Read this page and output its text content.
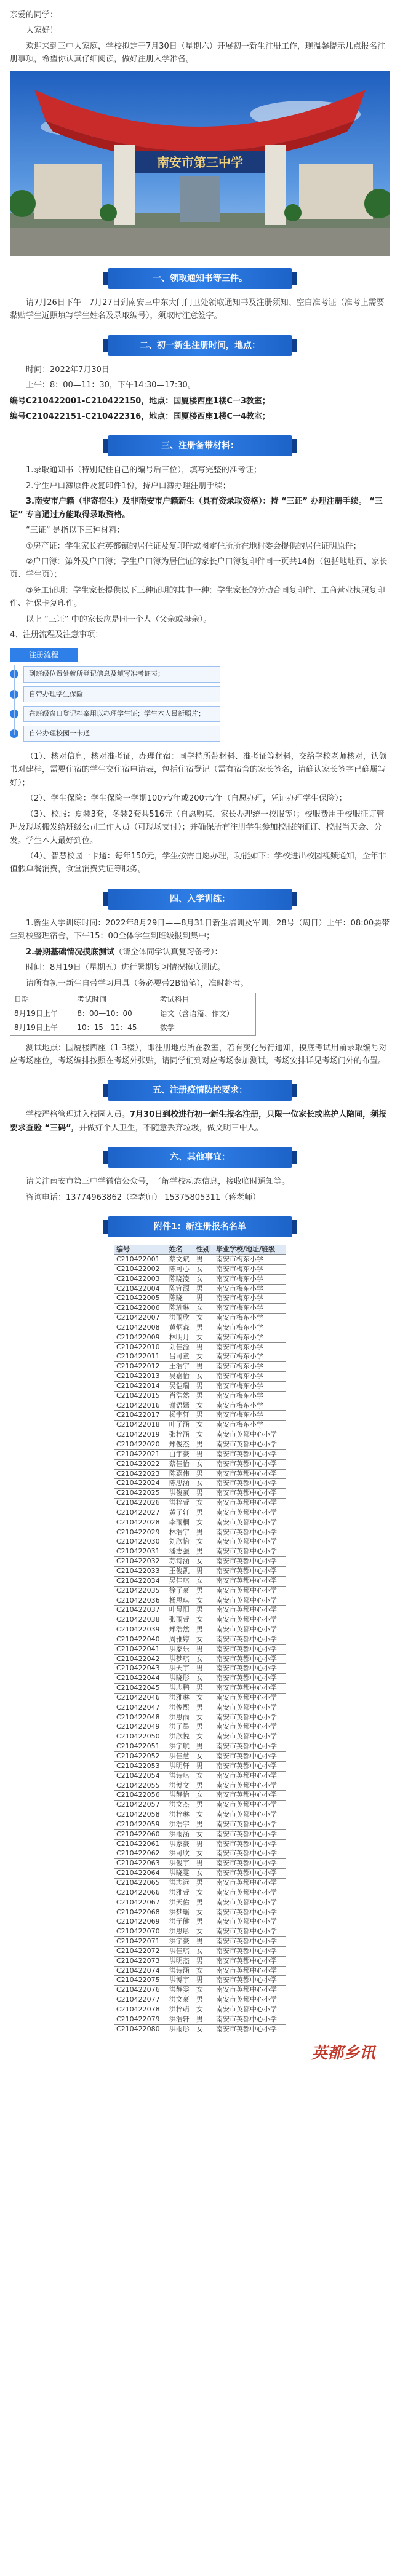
亲爱的同学：

大家好！

欢迎来到三中大家庭，学校拟定于7月30日（星期六）开展初一新生注册工作，现温馨提示几点报名注册事项，希望你认真仔细阅读，做好注册入学准备。

南安市第三中学
一、领取通知书等三件。

请7月26日下午—7月27日到南安三中东大门门卫处领取通知书及注册须知、空白准考证（准考上需要黏贴学生近照填写学生姓名及录取编号），须取时注意签字。

二、初一新生注册时间，地点：

时间：2022年7月30日

上午：8：00—11：30，下午14:30—17:30。

编号C210422001-C210422150，地点：国厦楼西座1楼C一3教室；

编号C210422151-C210422316，地点：国厦楼西座1楼C一4教室；

三、注册备带材料：

1.录取通知书（特别记住自己的编号后三位），填写完整的准考证；

2.学生户口簿原件及复印件1份，持户口簿办理注册手续；

3.南安市户籍（非寄宿生）及非南安市户籍新生（具有资录取资格）：持 “三证” 办理注册手续。 “三证” 专言通过方能取得录取资格。

“三证” 是指以下三种材料：

①房产证：学生家长在英都镇的居住证及复印件或图定住所所在地村委会提供的居住证明原件；

②户口簿：第外及户口簿；学生户口簿为居住证的家长户口簿复印件同一页共14份（包括地址页、家长页、学生页）；

③务工证明：学生家长提供以下三种证明的其中一种：学生家长的劳动合同复印件、工商营业执照复印件、社保卡复印件。

以上 “三证” 中的家长应是同一个人（父亲或母亲）。

4、注册流程及注意事项：

注册流程
到班级位置处就所登记信息及填写准考证表；
自带办理学生保险
在班级窗口登记档案用以办理学生证；学生本人最新照片；
自带办理校园一卡通

（1）、核对信息，核对准考证，办理住宿：同学持所带材料、准考证等材料，交给学校老师核对，认领书对建档，需要住宿的学生交住宿申请表，包括住宿登记（需有宿舍的家长签名，请确认家长签字已确属写好）；

（2）、学生保险：学生保险一学期100元/年或200元/年（自愿办理，凭证办理学生保险）；

（3）、校服：夏装3套，冬装2套共516元（自愿购买，家长办理统一校服等）；校服费用于校服征订管理及现场搬发给班级公司工作人员（可现场支付）；并确保所有注册学生参加校服的征订、校服当天会、分发。学生本人最好到位。

（4）、智慧校园一卡通：每年150元，学生按需自愿办理，功能如下：学校进出校园视频通知，全年非值假单餐消费，食堂消费凭证等服务。

四、入学训练：

1.新生入学训练时间：2022年8月29日——8月31日新生培训及军训，28号（周日）上午：08:00要带生到校整理宿舍，下午15：00全体学生到班级报到集中；

2.暑期基础情况摸底测试（请全体同学认真复习备考）：

时间：8月19日（星期五）进行暑期复习情况摸底测试。

请所有初一新生自带学习用具（务必要带2B铅笔），准时赴考。

日期	考试时间	考试科目
8月19日上午	8：00—10：00	语文（含语篇、作文）
8月19日上午	10：15—11：45	数学

测试地点：国厦楼西座（1-3楼），即注册地点所在教室，若有变化另行通知，摸底考试用前录取编号对应考场座位，考场编排按照在考场外张贴，请同学们到对应考场参加测试，考场安排详见考场门外的布置。

五、注册疫情防控要求：

学校严格管理进入校园人员。7月30日到校进行初一新生报名注册，只限一位家长或监护人陪同，须报要求查验 “三码”，并做好个人卫生，不随意丢弃垃圾，做文明三中人。

六、其他事宜：

请关注南安市第三中学微信公众号，了解学校动态信息，接收临时通知等。

咨询电话：13774963862（李老师） 15375805311（蒋老师）

附件1：新注册报名名单
编号	姓名	性别	毕业学校/地址/班级
C210422001	蔡文斌	男	南安市梅东小学
C210422002	陈可心	女	南安市梅东小学
C210422003	陈晓凌	女	南安市梅东小学
C210422004	陈宜源	男	南安市梅东小学
C210422005	陈晓	男	南安市梅东小学
C210422006	陈瑜琳	女	南安市梅东小学
C210422007	洪雨欣	女	南安市梅东小学
C210422008	黄炳森	男	南安市梅东小学
C210422009	林明月	女	南安市梅东小学
C210422010	刘佳源	男	南安市梅东小学
C210422011	吕可童	女	南安市梅东小学
C210422012	王浩宇	男	南安市梅东小学
C210422013	吴嘉怡	女	南安市梅东小学
C210422014	吴恺瑞	男	南安市梅东小学
C210422015	肖浩然	男	南安市梅东小学
C210422016	谢语嫣	女	南安市梅东小学
C210422017	杨宇轩	男	南安市梅东小学
C210422018	叶子涵	女	南安市梅东小学
C210422019	张梓涵	女	南安市英都中心小学
C210422020	郑俊杰	男	南安市英都中心小学
C210422021	白宇豪	男	南安市英都中心小学
C210422022	蔡佳怡	女	南安市英都中心小学
C210422023	陈嘉伟	男	南安市英都中心小学
C210422024	陈思涵	女	南安市英都中心小学
C210422025	洪俊豪	男	南安市英都中心小学
C210422026	洪梓萱	女	南安市英都中心小学
C210422027	黄子轩	男	南安市英都中心小学
C210422028	李雨桐	女	南安市英都中心小学
C210422029	林浩宇	男	南安市英都中心小学
C210422030	刘欣怡	女	南安市英都中心小学
C210422031	潘志强	男	南安市英都中心小学
C210422032	苏诗涵	女	南安市英都中心小学
C210422033	王俊凯	男	南安市英都中心小学
C210422034	吴佳琪	女	南安市英都中心小学
C210422035	徐子豪	男	南安市英都中心小学
C210422036	杨思琪	女	南安市英都中心小学
C210422037	叶晨阳	男	南安市英都中心小学
C210422038	张雨萱	女	南安市英都中心小学
C210422039	郑浩然	男	南安市英都中心小学
C210422040	周雅婷	女	南安市英都中心小学
C210422041	洪家乐	男	南安市英都中心小学
C210422042	洪梦琪	女	南安市英都中心小学
C210422043	洪天宇	男	南安市英都中心小学
C210422044	洪晓彤	女	南安市英都中心小学
C210422045	洪志鹏	男	南安市英都中心小学
C210422046	洪雅琳	女	南安市英都中心小学
C210422047	洪俊熙	男	南安市英都中心小学
C210422048	洪思雨	女	南安市英都中心小学
C210422049	洪子墨	男	南安市英都中心小学
C210422050	洪欣悦	女	南安市英都中心小学
C210422051	洪宇航	男	南安市英都中心小学
C210422052	洪佳慧	女	南安市英都中心小学
C210422053	洪明轩	男	南安市英都中心小学
C210422054	洪诗琪	女	南安市英都中心小学
C210422055	洪博文	男	南安市英都中心小学
C210422056	洪静怡	女	南安市英都中心小学
C210422057	洪文杰	男	南安市英都中心小学
C210422058	洪梓琳	女	南安市英都中心小学
C210422059	洪浩宇	男	南安市英都中心小学
C210422060	洪雨涵	女	南安市英都中心小学
C210422061	洪家豪	男	南安市英都中心小学
C210422062	洪可欣	女	南安市英都中心小学
C210422063	洪俊宇	男	南安市英都中心小学
C210422064	洪晓雯	女	南安市英都中心小学
C210422065	洪志远	男	南安市英都中心小学
C210422066	洪雅萱	女	南安市英都中心小学
C210422067	洪天佑	男	南安市英都中心小学
C210422068	洪梦瑶	女	南安市英都中心小学
C210422069	洪子健	男	南安市英都中心小学
C210422070	洪思彤	女	南安市英都中心小学
C210422071	洪宇豪	男	南安市英都中心小学
C210422072	洪佳琪	女	南安市英都中心小学
C210422073	洪明杰	男	南安市英都中心小学
C210422074	洪诗涵	女	南安市英都中心小学
C210422075	洪博宇	男	南安市英都中心小学
C210422076	洪静雯	女	南安市英都中心小学
C210422077	洪文豪	男	南安市英都中心小学
C210422078	洪梓萌	女	南安市英都中心小学
C210422079	洪浩轩	男	南安市英都中心小学
C210422080	洪雨彤	女	南安市英都中心小学
英都乡讯
